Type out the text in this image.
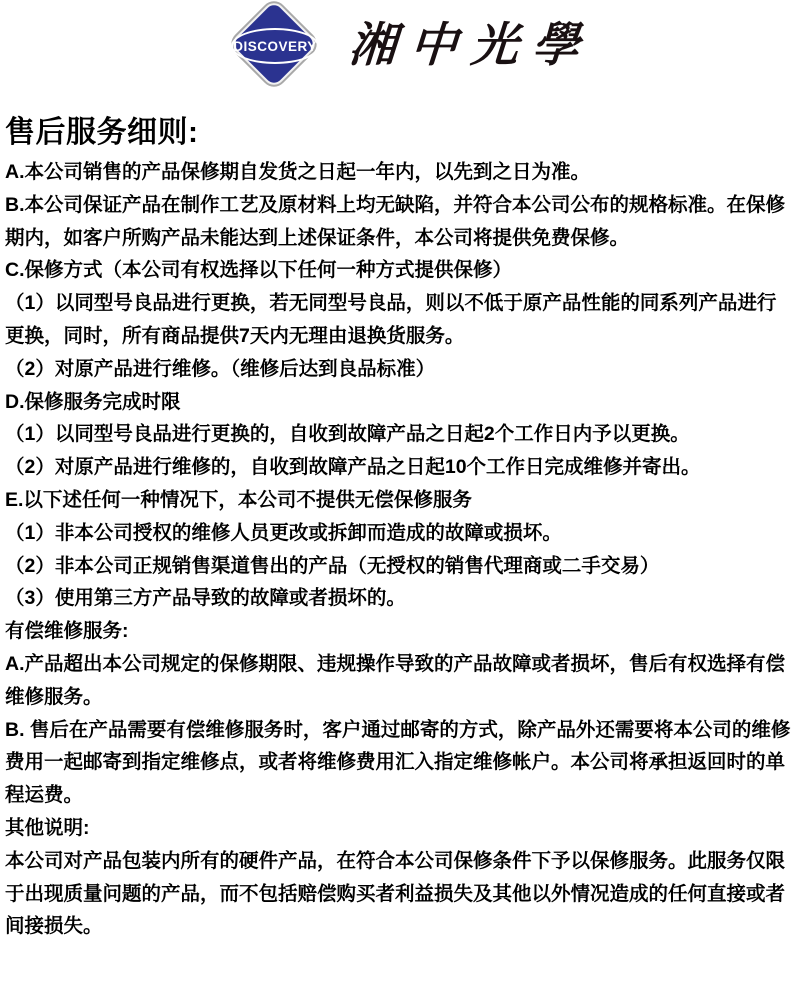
DISCOVERY 湘中光學
售后服务细则:

A.本公司销售的产品保修期自发货之日起一年内，以先到之日为准。

B.本公司保证产品在制作工艺及原材料上均无缺陷，并符合本公司公布的规格标准。在保修期内，如客户所购产品未能达到上述保证条件，本公司将提供免费保修。

C.保修方式（本公司有权选择以下任何一种方式提供保修）

（1）以同型号良品进行更换，若无同型号良品，则以不低于原产品性能的同系列产品进行更换，同时，所有商品提供7天内无理由退换货服务。

（2）对原产品进行维修。（维修后达到良品标准）

D.保修服务完成时限

（1）以同型号良品进行更换的，自收到故障产品之日起2个工作日内予以更换。

（2）对原产品进行维修的，自收到故障产品之日起10个工作日完成维修并寄出。

E.以下述任何一种情况下，本公司不提供无偿保修服务

（1）非本公司授权的维修人员更改或拆卸而造成的故障或损坏。

（2）非本公司正规销售渠道售出的产品（无授权的销售代理商或二手交易）

（3）使用第三方产品导致的故障或者损坏的。

有偿维修服务:

A.产品超出本公司规定的保修期限、违规操作导致的产品故障或者损坏，售后有权选择有偿维修服务。

B. 售后在产品需要有偿维修服务时，客户通过邮寄的方式，除产品外还需要将本公司的维修费用一起邮寄到指定维修点，或者将维修费用汇入指定维修帐户。本公司将承担返回时的单程运费。

其他说明:

本公司对产品包装内所有的硬件产品，在符合本公司保修条件下予以保修服务。此服务仅限于出现质量问题的产品，而不包括赔偿购买者利益损失及其他以外情况造成的任何直接或者间接损失。
